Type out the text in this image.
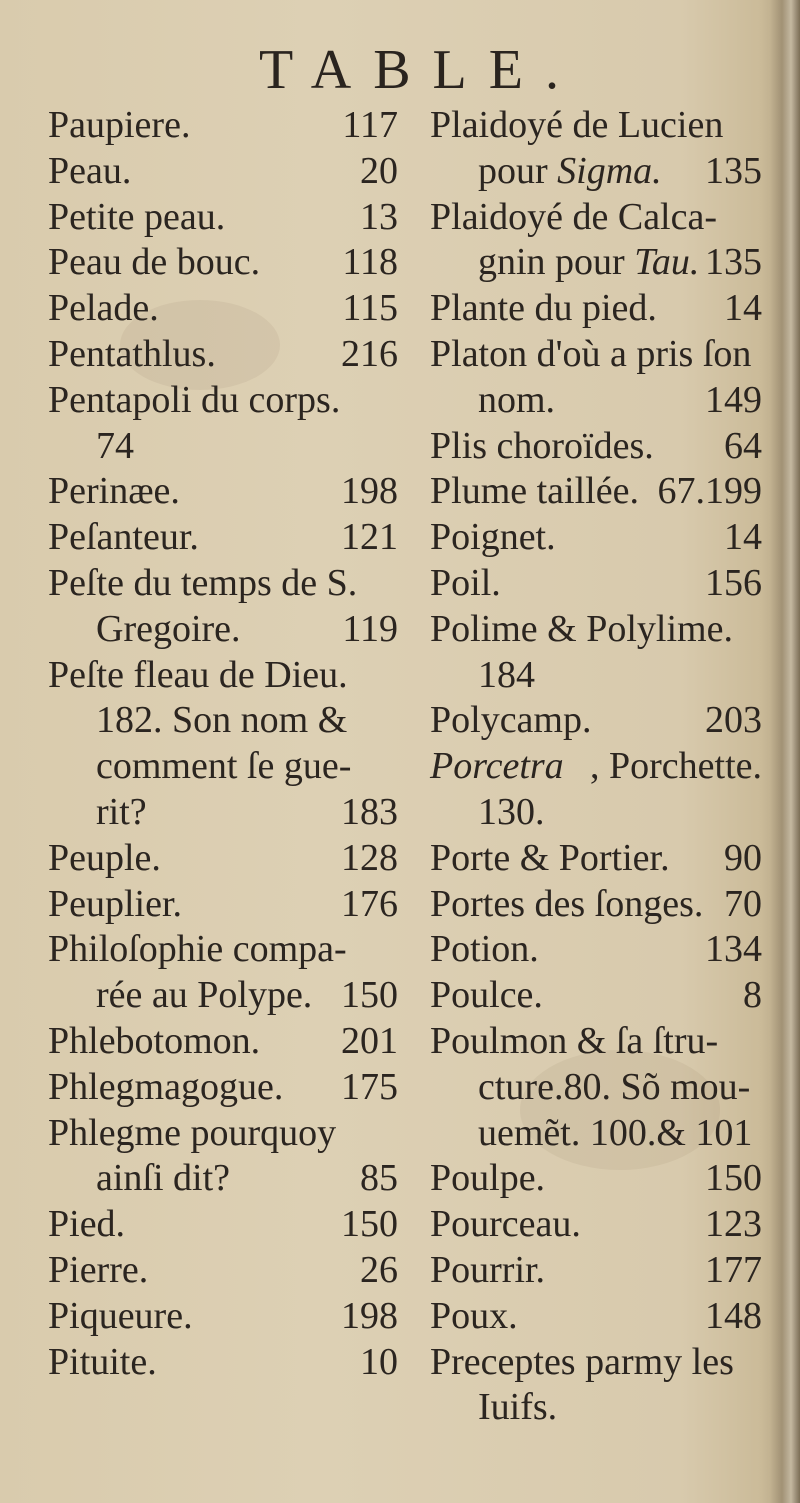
TABLE.
Paupiere.	117
Peau.	20
Petite peau.	13
Peau de bouc. 118
Pelade.	115
Pentathlus.	216
Pentapoli du corps.
74
Perinæe.	198
Peſanteur.	121
Peſte du temps de S.
Gregoire.	119
Peſte fleau de Dieu.
182. Son nom &
comment ſe gue-
rit?	183
Peuple.	128
Peuplier.	176
Philoſophie compa-
rée au Polype. 150
Phlebotomon. 201
Phlegmagogue. 175
Phlegme pourquoy
ainſi dit?	85
Pied.	150
Pierre.	26
Piqueure.	198
Pituite.	10
Plaidoyé de Lucien
pour Sigma. 135
Plaidoyé de Calca-
gnin pour Tau. 135
Plante du pied. 14
Platon d'où a pris ſon
nom.	149
Plis choroïdes. 64
Plume taillée. 67.199
Poignet.	14
Poil.	156
Polime & Polylime.
184
Polycamp.	203
Porcetra , Porchette.
130.
Porte & Portier. 90
Portes des ſonges. 70
Potion.	134
Poulce.	8
Poulmon & ſa ſtru-
cture.80. Sõ mou-
uemẽt. 100.& 101
Poulpe.	150
Pourceau.	123
Pourrir.	177
Poux.	148
Preceptes parmy les
Iuifs.
